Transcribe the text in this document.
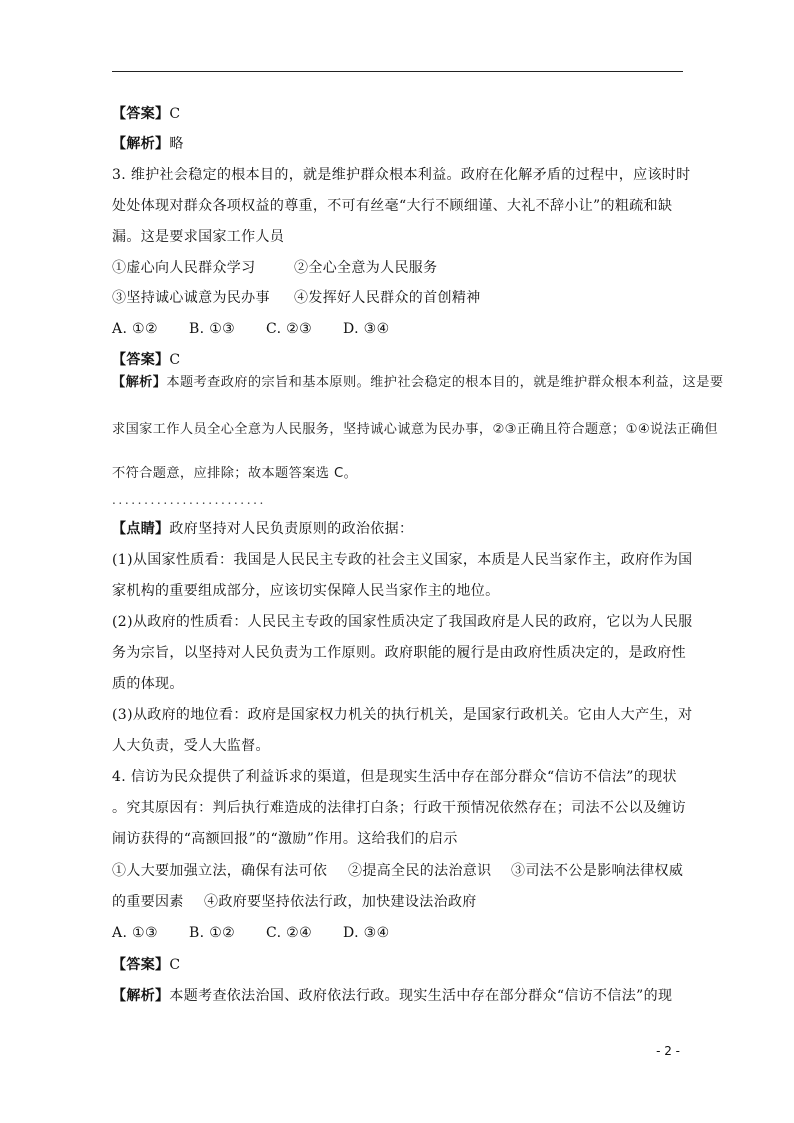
【答案】C
【解析】略
3. 维护社会稳定的根本目的，就是维护群众根本利益。政府在化解矛盾的过程中，应该时时
处处体现对群众各项权益的尊重，不可有丝毫“大行不顾细谨、大礼不辞小让”的粗疏和缺
漏。这是要求国家工作人员
①虚心向人民群众学习	②全心全意为人民服务
③坚持诚心诚意为民办事 ④发挥好人民群众的首创精神
A. ①② B. ①③ C. ②③ D. ③④
【答案】C
【解析】本题考查政府的宗旨和基本原则。维护社会稳定的根本目的，就是维护群众根本利益，这是要
求国家工作人员全心全意为人民服务，坚持诚心诚意为民办事，②③正确且符合题意；①④说法正确但
不符合题意，应排除；故本题答案选 C。
........................
【点睛】政府坚持对人民负责原则的政治依据：
(1)从国家性质看：我国是人民民主专政的社会主义国家，本质是人民当家作主，政府作为国
家机构的重要组成部分，应该切实保障人民当家作主的地位。
(2)从政府的性质看：人民民主专政的国家性质决定了我国政府是人民的政府，它以为人民服
务为宗旨，以坚持对人民负责为工作原则。政府职能的履行是由政府性质决定的，是政府性
质的体现。
(3)从政府的地位看：政府是国家权力机关的执行机关，是国家行政机关。它由人大产生，对
人大负责，受人大监督。
4. 信访为民众提供了利益诉求的渠道，但是现实生活中存在部分群众“信访不信法”的现状
。究其原因有：判后执行难造成的法律打白条；行政干预情况依然存在；司法不公以及缠访
闹访获得的“高额回报”的“激励”作用。这给我们的启示
①人大要加强立法，确保有法可依 ②提高全民的法治意识 ③司法不公是影响法律权威
的重要因素 ④政府要坚持依法行政，加快建设法治政府
A. ①③ B. ①② C. ②④ D. ③④
【答案】C
【解析】本题考查依法治国、政府依法行政。现实生活中存在部分群众“信访不信法”的现
- 2 -
